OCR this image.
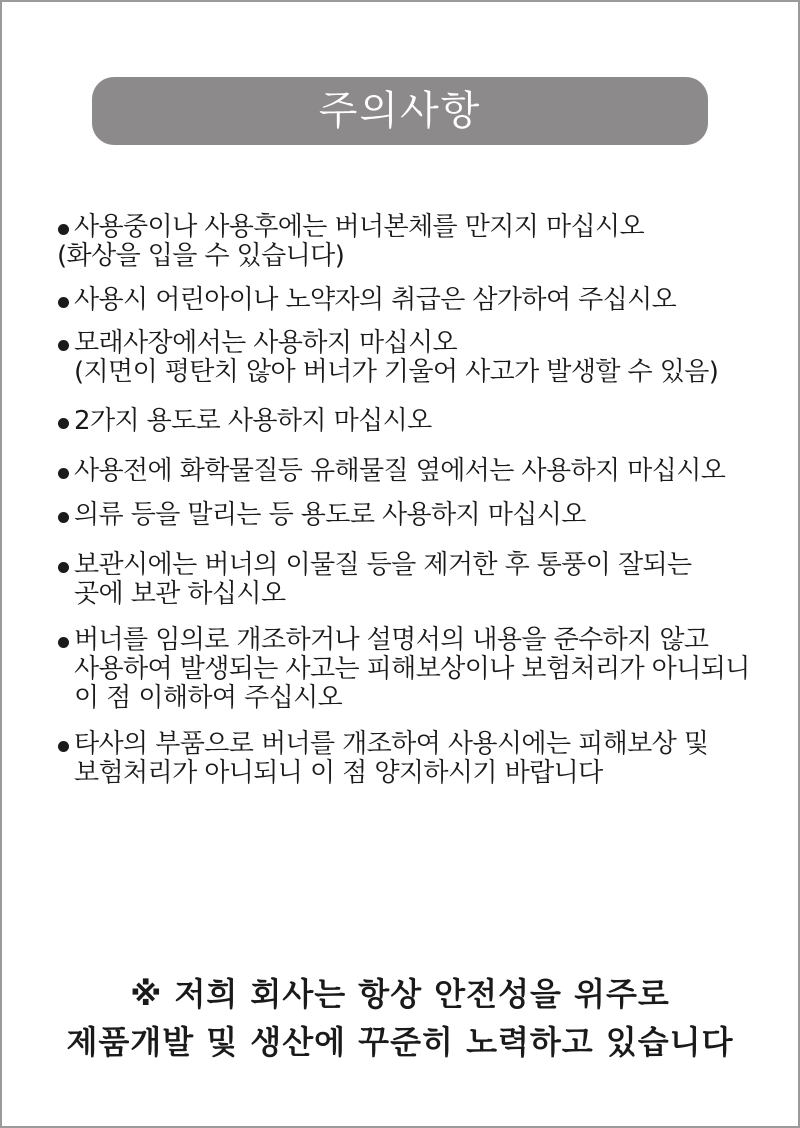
주의사항
사용중이나 사용후에는 버너본체를 만지지 마십시오
(화상을 입을 수 있습니다)
사용시 어린아이나 노약자의 취급은 삼가하여 주십시오
모래사장에서는 사용하지 마십시오
(지면이 평탄치 않아 버너가 기울어 사고가 발생할 수 있음)
2가지 용도로 사용하지 마십시오
사용전에 화학물질등 유해물질 옆에서는 사용하지 마십시오
의류 등을 말리는 등 용도로 사용하지 마십시오
보관시에는 버너의 이물질 등을 제거한 후 통풍이 잘되는
곳에 보관 하십시오
버너를 임의로 개조하거나 설명서의 내용을 준수하지 않고
사용하여 발생되는 사고는 피해보상이나 보험처리가 아니되니
이 점 이해하여 주십시오
타사의 부품으로 버너를 개조하여 사용시에는 피해보상 및
보험처리가 아니되니 이 점 양지하시기 바랍니다
※ 저희 회사는 항상 안전성을 위주로
제품개발 및 생산에 꾸준히 노력하고 있습니다
